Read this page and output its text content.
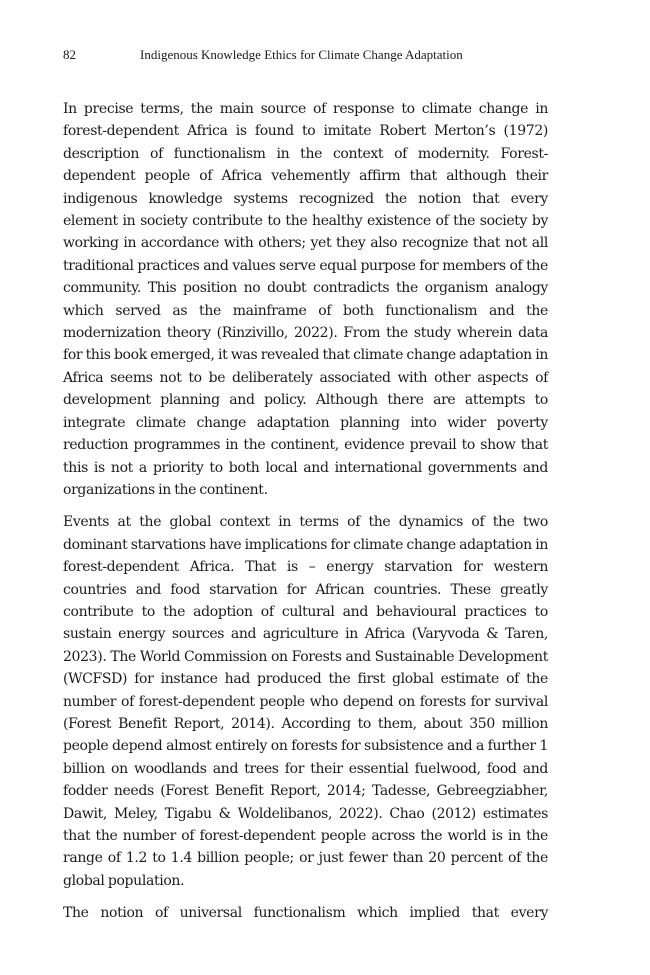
82	Indigenous Knowledge Ethics for Climate Change Adaptation

In precise terms, the main source of response to climate change in forest-dependent Africa is found to imitate Robert Merton’s (1972) description of functionalism in the context of modernity. Forest-dependent people of Africa vehemently affirm that although their indigenous knowledge systems recognized the notion that every element in society contribute to the healthy existence of the society by working in accordance with others; yet they also recognize that not all traditional practices and values serve equal purpose for members of the community. This position no doubt contradicts the organism analogy which served as the mainframe of both functionalism and the modernization theory (Rinzivillo, 2022). From the study wherein data for this book emerged, it was revealed that climate change adaptation in Africa seems not to be deliberately associated with other aspects of development planning and policy. Although there are attempts to integrate climate change adaptation planning into wider poverty reduction programmes in the continent, evidence prevail to show that this is not a priority to both local and international governments and organizations in the continent.

Events at the global context in terms of the dynamics of the two dominant starvations have implications for climate change adaptation in forest-dependent Africa. That is – energy starvation for western countries and food starvation for African countries. These greatly contribute to the adoption of cultural and behavioural practices to sustain energy sources and agriculture in Africa (Varyvoda & Taren, 2023). The World Commission on Forests and Sustainable Development (WCFSD) for instance had produced the first global estimate of the number of forest-dependent people who depend on forests for survival (Forest Benefit Report, 2014). According to them, about 350 million people depend almost entirely on forests for subsistence and a further 1 billion on woodlands and trees for their essential fuelwood, food and fodder needs (Forest Benefit Report, 2014; Tadesse, Gebreegziabher, Dawit, Meley, Tigabu & Woldelibanos, 2022). Chao (2012) estimates that the number of forest-dependent people across the world is in the range of 1.2 to 1.4 billion people; or just fewer than 20 percent of the global population.

The notion of universal functionalism which implied that every
